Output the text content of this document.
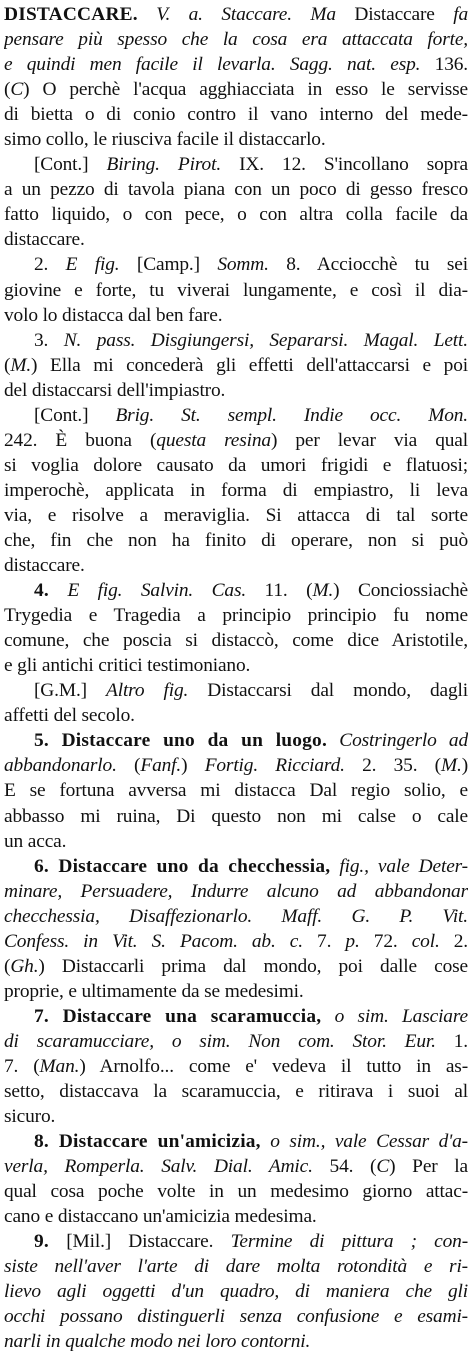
DISTACCARE. V. a. Staccare. Ma Distaccare fa
pensare più spesso che la cosa era attaccata forte,
e quindi men facile il levarla. Sagg. nat. esp. 136.
(C) O perchè l'acqua agghiacciata in esso le servisse
di bietta o di conio contro il vano interno del mede-
simo collo, le riusciva facile il distaccarlo.
[Cont.] Biring. Pirot. IX. 12. S'incollano sopra
a un pezzo di tavola piana con un poco di gesso fresco
fatto liquido, o con pece, o con altra colla facile da
distaccare.
2. E fig. [Camp.] Somm. 8. Acciocchè tu sei
giovine e forte, tu viverai lungamente, e così il dia-
volo lo distacca dal ben fare.
3. N. pass. Disgiungersi, Separarsi. Magal. Lett.
(M.) Ella mi concederà gli effetti dell'attaccarsi e poi
del distaccarsi dell'impiastro.
[Cont.] Brig. St. sempl. Indie occ. Mon.
242. È buona (questa resina) per levar via qual
si voglia dolore causato da umori frigidi e flatuosi;
imperochè, applicata in forma di empiastro, li leva
via, e risolve a meraviglia. Si attacca di tal sorte
che, fin che non ha finito di operare, non si può
distaccare.
4. E fig. Salvin. Cas. 11. (M.) Conciossiachè
Trygedia e Tragedia a principio principio fu nome
comune, che poscia si distaccò, come dice Aristotile,
e gli antichi critici testimoniano.
[G.M.] Altro fig. Distaccarsi dal mondo, dagli
affetti del secolo.
5. Distaccare uno da un luogo. Costringerlo ad
abbandonarlo. (Fanf.) Fortig. Ricciard. 2. 35. (M.)
E se fortuna avversa mi distacca Dal regio solio, e
abbasso mi ruina, Di questo non mi calse o cale
un acca.
6. Distaccare uno da checchessia, fig., vale Deter-
minare, Persuadere, Indurre alcuno ad abbandonar
checchessia, Disaffezionarlo. Maff. G. P. Vit.
Confess. in Vit. S. Pacom. ab. c. 7. p. 72. col. 2.
(Gh.) Distaccarli prima dal mondo, poi dalle cose
proprie, e ultimamente da se medesimi.
7. Distaccare una scaramuccia, o sim. Lasciare
di scaramucciare, o sim. Non com. Stor. Eur. 1.
7. (Man.) Arnolfo... come e' vedeva il tutto in as-
setto, distaccava la scaramuccia, e ritirava i suoi al
sicuro.
8. Distaccare un'amicizia, o sim., vale Cessar d'a-
verla, Romperla. Salv. Dial. Amic. 54. (C) Per la
qual cosa poche volte in un medesimo giorno attac-
cano e distaccano un'amicizia medesima.
9. [Mil.] Distaccare. Termine di pittura ; con-
siste nell'aver l'arte di dare molta rotondità e ri-
lievo agli oggetti d'un quadro, di maniera che gli
occhi possano distinguerli senza confusione e esami-
narli in qualche modo nei loro contorni.
